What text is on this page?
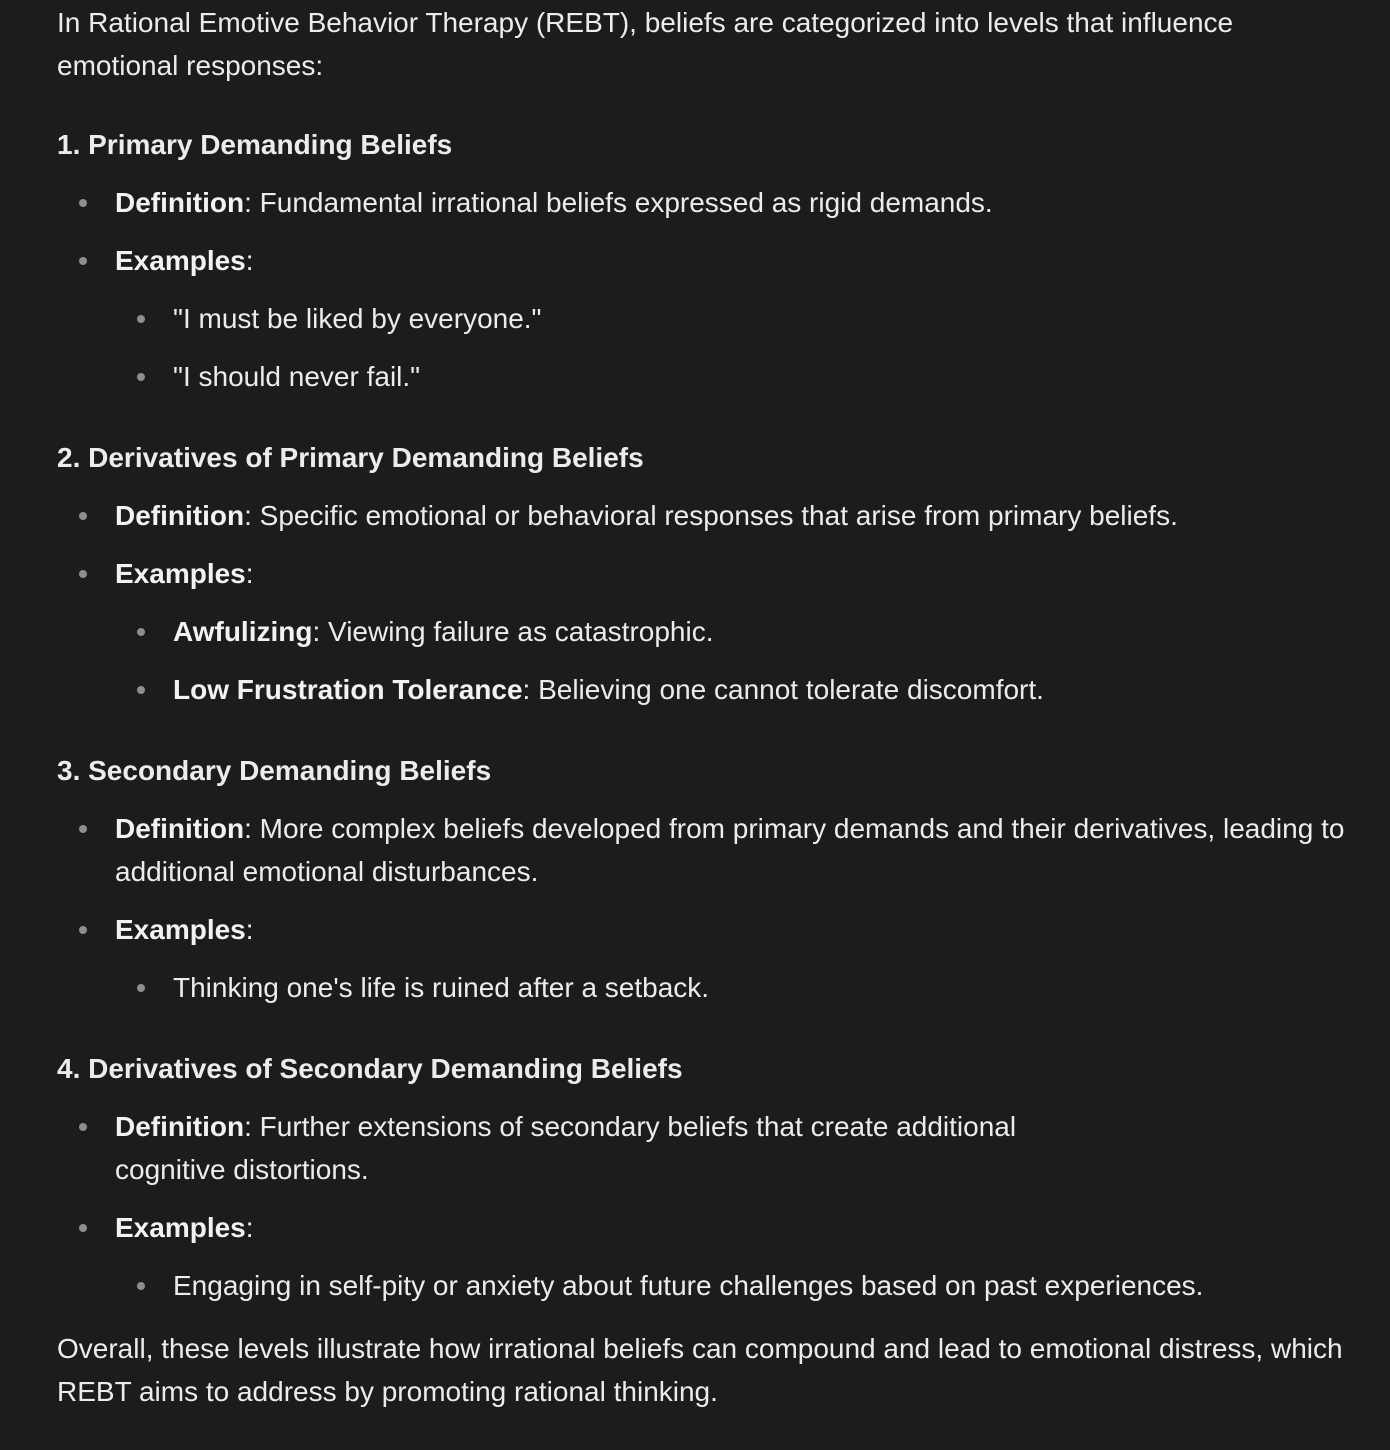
In Rational Emotive Behavior Therapy (REBT), beliefs are categorized into levels that influence emotional responses:

1. Primary Demanding Beliefs

Definition: Fundamental irrational beliefs expressed as rigid demands.
Examples:
"I must be liked by everyone."
"I should never fail."

2. Derivatives of Primary Demanding Beliefs

Definition: Specific emotional or behavioral responses that arise from primary beliefs.
Examples:
Awfulizing: Viewing failure as catastrophic.
Low Frustration Tolerance: Believing one cannot tolerate discomfort.

3. Secondary Demanding Beliefs

Definition: More complex beliefs developed from primary demands and their derivatives, leading to additional emotional disturbances.
Examples:
Thinking one's life is ruined after a setback.

4. Derivatives of Secondary Demanding Beliefs

Definition: Further extensions of secondary beliefs that create additional cognitive distortions.
Examples:
Engaging in self-pity or anxiety about future challenges based on past experiences.

Overall, these levels illustrate how irrational beliefs can compound and lead to emotional distress, which REBT aims to address by promoting rational thinking.
